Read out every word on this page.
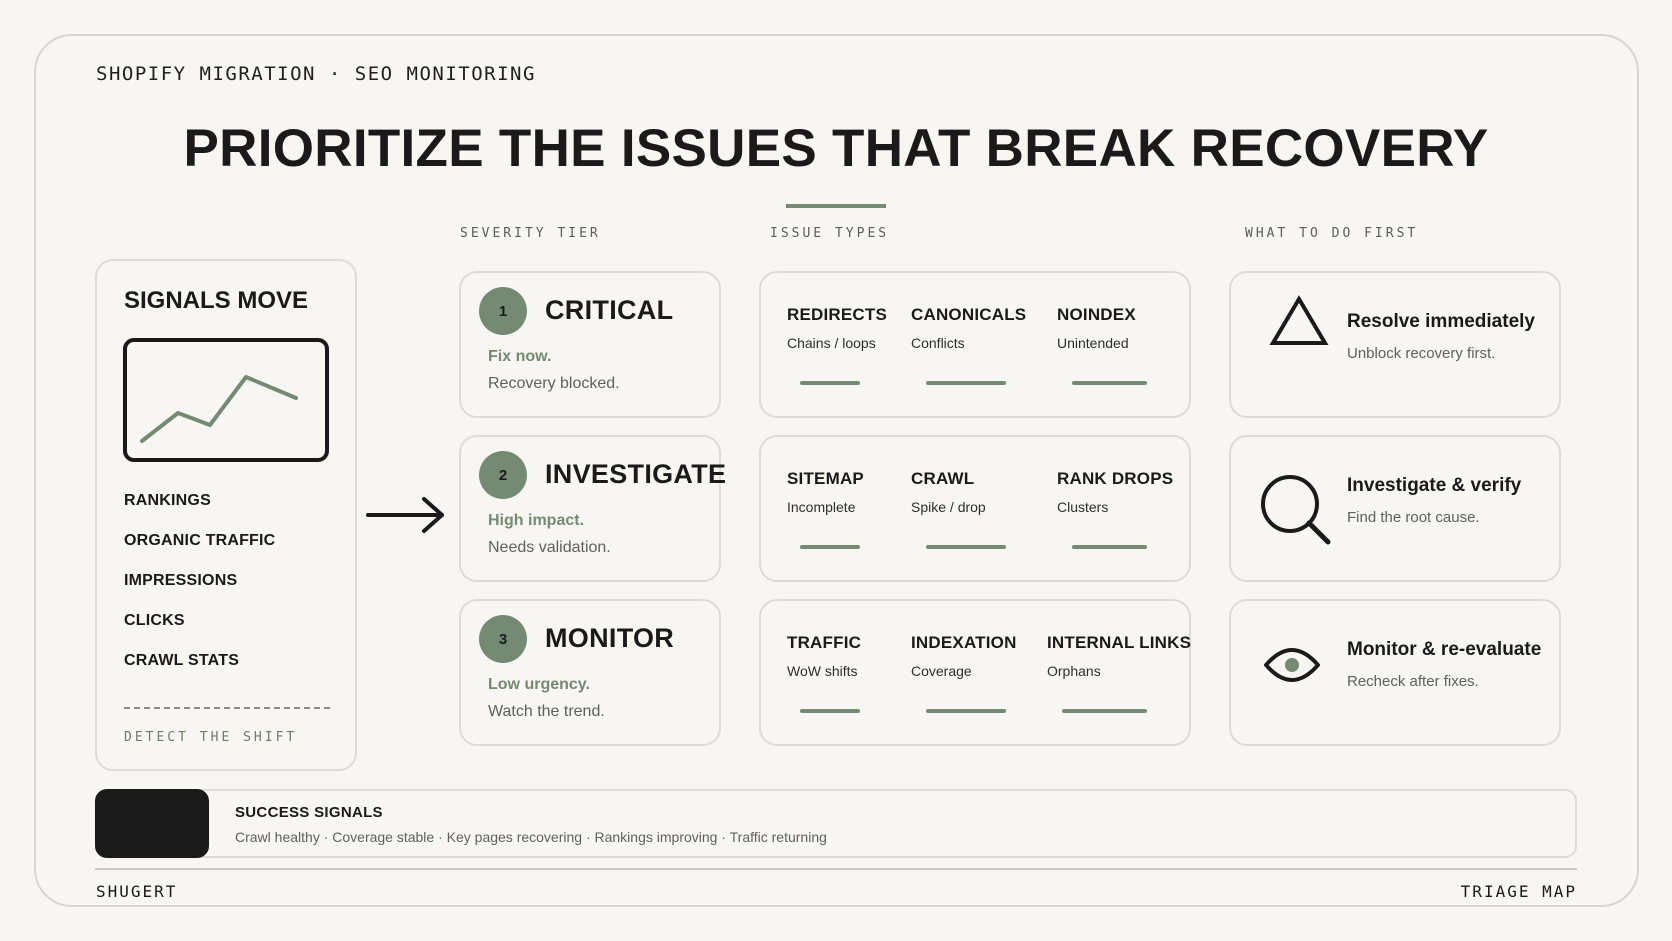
SHOPIFY MIGRATION · SEO MONITORING
PRIORITIZE THE ISSUES THAT BREAK RECOVERY
SEVERITY TIER	ISSUE TYPES	WHAT TO DO FIRST
SIGNALS MOVE
RANKINGS
ORGANIC TRAFFIC
IMPRESSIONS
CLICKS
CRAWL STATS
DETECT THE SHIFT
1	CRITICAL
Fix now.
Recovery blocked.
2	INVESTIGATE
High impact.
Needs validation.
3	MONITOR
Low urgency.
Watch the trend.
REDIRECTS
Chains / loops
CANONICALS
Conflicts
NOINDEX
Unintended
SITEMAP
Incomplete
CRAWL
Spike / drop
RANK DROPS
Clusters
TRAFFIC
WoW shifts
INDEXATION
Coverage
INTERNAL LINKS
Orphans
Resolve immediately
Unblock recovery first.
Investigate & verify
Find the root cause.
Monitor & re-evaluate
Recheck after fixes.
SUCCESS SIGNALS
Crawl healthy · Coverage stable · Key pages recovering · Rankings improving · Traffic returning
SHUGERT	TRIAGE MAP
